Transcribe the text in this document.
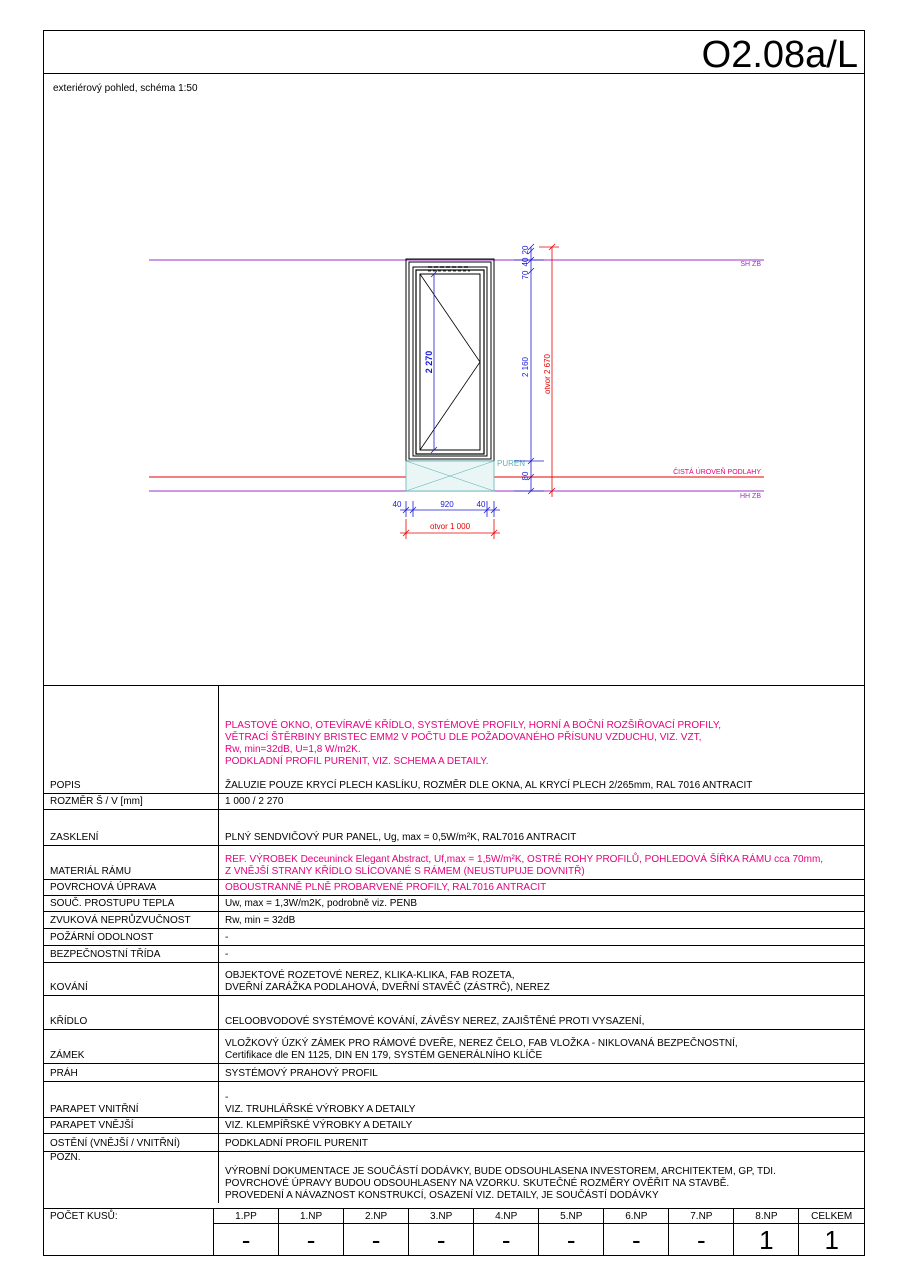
O2.08a/L
exteriérový pohled, schéma 1:50
SH ZB
ČISTÁ ÚROVEŇ PODLAHY
HH ZB
PUREN
2 270
40
20
70
2 160
80
otvor 2 670
40	920	40
otvor 1 000
POPIS	PLASTOVÉ OKNO, OTEVÍRAVÉ KŘÍDLO, SYSTÉMOVÉ PROFILY, HORNÍ A BOČNÍ ROZŠIŘOVACÍ PROFILY,
VĚTRACÍ ŠTĚRBINY BRISTEC EMM2 V POČTU DLE POŽADOVANÉHO PŘÍSUNU VZDUCHU, VIZ. VZT,
Rw, min=32dB, U=1,8 W/m2K.
PODKLADNÍ PROFIL PURENIT, VIZ. SCHEMA A DETAILY.
ŽALUZIE POUZE KRYCÍ PLECH KASLÍKU, ROZMĚR DLE OKNA, AL KRYCÍ PLECH 2/265mm, RAL 7016 ANTRACIT

ROZMĚR Š / V [mm]	1 000 / 2 270

ZASKLENÍ	PLNÝ SENDVIČOVÝ PUR PANEL, Ug, max = 0,5W/m²K, RAL7016 ANTRACIT

MATERIÁL RÁMU	REF. VÝROBEK Deceuninck Elegant Abstract, Uf,max = 1,5W/m²K, OSTRÉ ROHY PROFILŮ, POHLEDOVÁ ŠÍŘKA RÁMU cca 70mm,
Z VNĚJŠÍ STRANY KŘÍDLO SLÍCOVANÉ S RÁMEM (NEUSTUPUJE DOVNITŘ)

POVRCHOVÁ ÚPRAVA	OBOUSTRANNĚ PLNĚ PROBARVENÉ PROFILY, RAL7016 ANTRACIT

SOUČ. PROSTUPU TEPLA	Uw, max = 1,3W/m2K, podrobně viz. PENB

ZVUKOVÁ NEPRŮZVUČNOST	Rw, min = 32dB

POŽÁRNÍ ODOLNOST	-

BEZPEČNOSTNÍ TŘÍDA	-

KOVÁNÍ	OBJEKTOVÉ ROZETOVÉ NEREZ, KLIKA-KLIKA, FAB ROZETA,
DVEŘNÍ ZARÁŽKA PODLAHOVÁ, DVEŘNÍ STAVĚČ (ZÁSTRČ), NEREZ

KŘÍDLO	CELOOBVODOVÉ SYSTÉMOVÉ KOVÁNÍ, ZÁVĚSY NEREZ, ZAJIŠTĚNÉ PROTI VYSAZENÍ,

ZÁMEK	VLOŽKOVÝ ÚZKÝ ZÁMEK PRO RÁMOVÉ DVEŘE, NEREZ ČELO, FAB VLOŽKA - NIKLOVANÁ BEZPEČNOSTNÍ,
Certifikace dle EN 1125, DIN EN 179, SYSTÉM GENERÁLNÍHO KLÍČE

PRÁH	SYSTÉMOVÝ PRAHOVÝ PROFIL

PARAPET VNITŘNÍ	-
VIZ. TRUHLÁŘSKÉ VÝROBKY A DETAILY

PARAPET VNĚJŠÍ	VIZ. KLEMPÍŘSKÉ VÝROBKY A DETAILY

OSTĚNÍ (VNĚJŠÍ / VNITŘNÍ)	PODKLADNÍ PROFIL PURENIT

POZN.	VÝROBNÍ DOKUMENTACE JE SOUČÁSTÍ DODÁVKY, BUDE ODSOUHLASENA INVESTOREM, ARCHITEKTEM, GP, TDI.
POVRCHOVÉ ÚPRAVY BUDOU ODSOUHLASENY NA VZORKU. SKUTEČNÉ ROZMĚRY OVĚŘIT NA STAVBĚ.
PROVEDENÍ A NÁVAZNOST KONSTRUKCÍ, OSAZENÍ VIZ. DETAILY, JE SOUČÁSTÍ DODÁVKY
POČET KUSŮ:	1.PP	1.NP	2.NP	3.NP	4.NP	5.NP	6.NP	7.NP	8.NP	CELKEM
	-	-	-	-	-	-	-	-	1	1
